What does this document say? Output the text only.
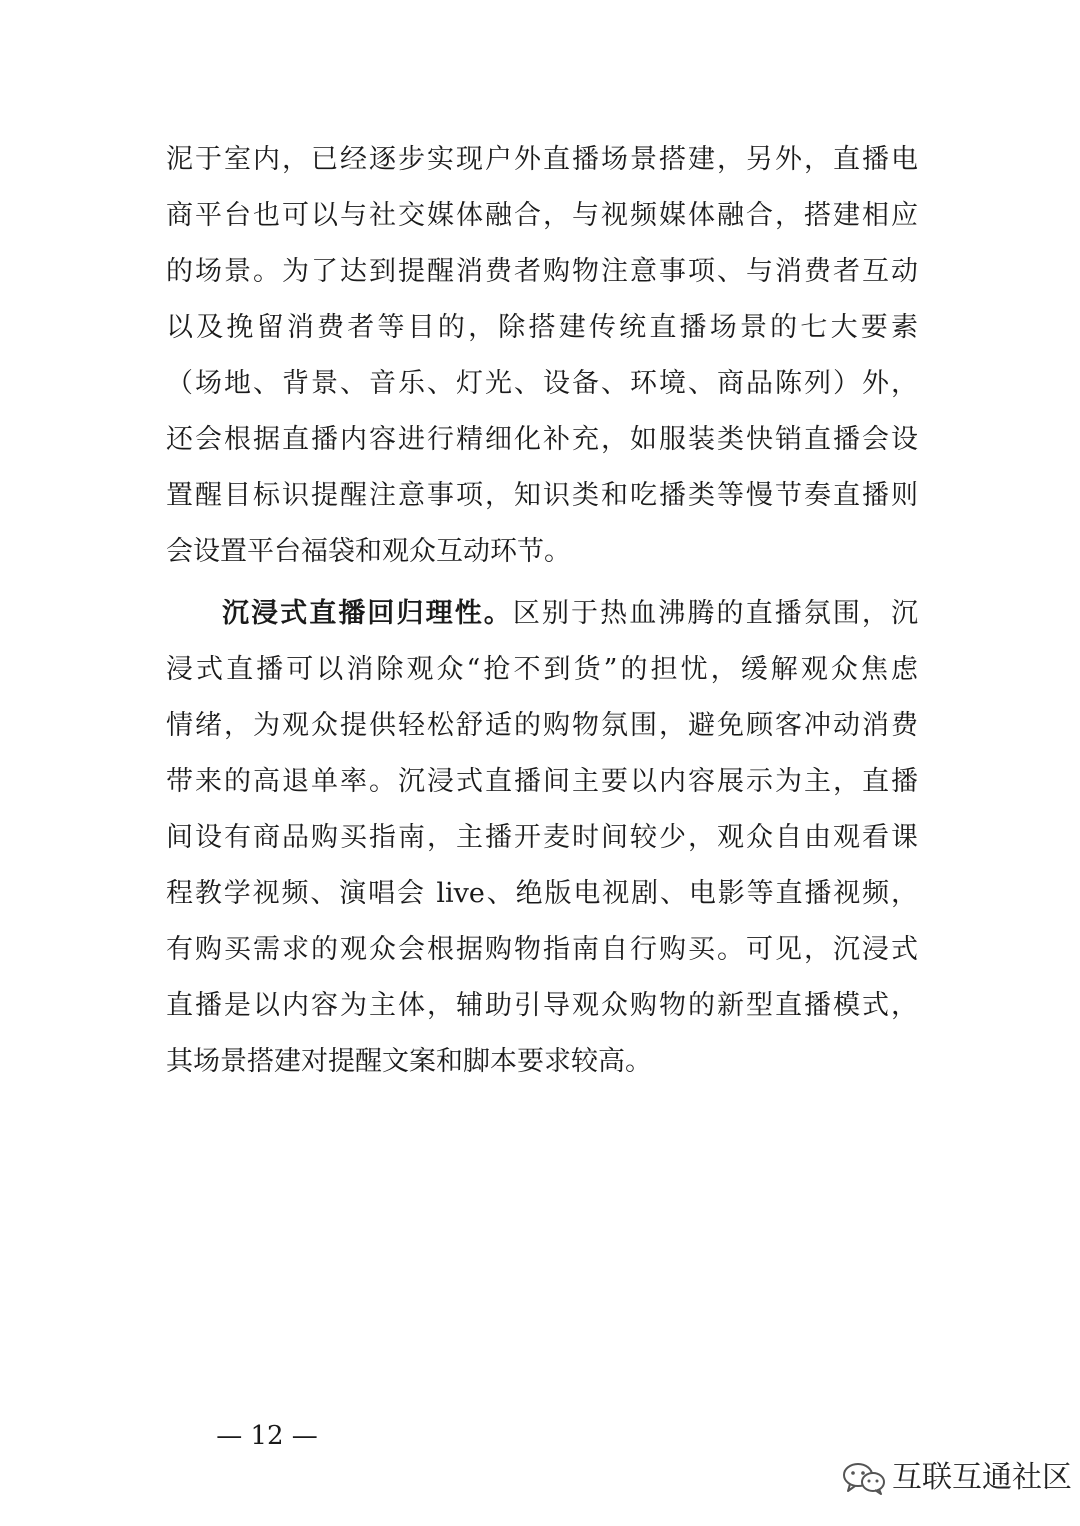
泥于室内，已经逐步实现户外直播场景搭建，另外，直播电
商平台也可以与社交媒体融合，与视频媒体融合，搭建相应
的场景。为了达到提醒消费者购物注意事项、与消费者互动
以及挽留消费者等目的，除搭建传统直播场景的七大要素
（场地、背景、音乐、灯光、设备、环境、商品陈列）外，
还会根据直播内容进行精细化补充，如服装类快销直播会设
置醒目标识提醒注意事项，知识类和吃播类等慢节奏直播则
会设置平台福袋和观众互动环节。
沉浸式直播回归理性。区别于热血沸腾的直播氛围，沉
浸式直播可以消除观众“抢不到货”的担忧，缓解观众焦虑
情绪，为观众提供轻松舒适的购物氛围，避免顾客冲动消费
带来的高退单率。沉浸式直播间主要以内容展示为主，直播
间设有商品购买指南，主播开麦时间较少，观众自由观看课
程教学视频、演唱会 live、绝版电视剧、电影等直播视频，
有购买需求的观众会根据购物指南自行购买。可见，沉浸式
直播是以内容为主体，辅助引导观众购物的新型直播模式，
其场景搭建对提醒文案和脚本要求较高。
— 12 —
互联互通社区
